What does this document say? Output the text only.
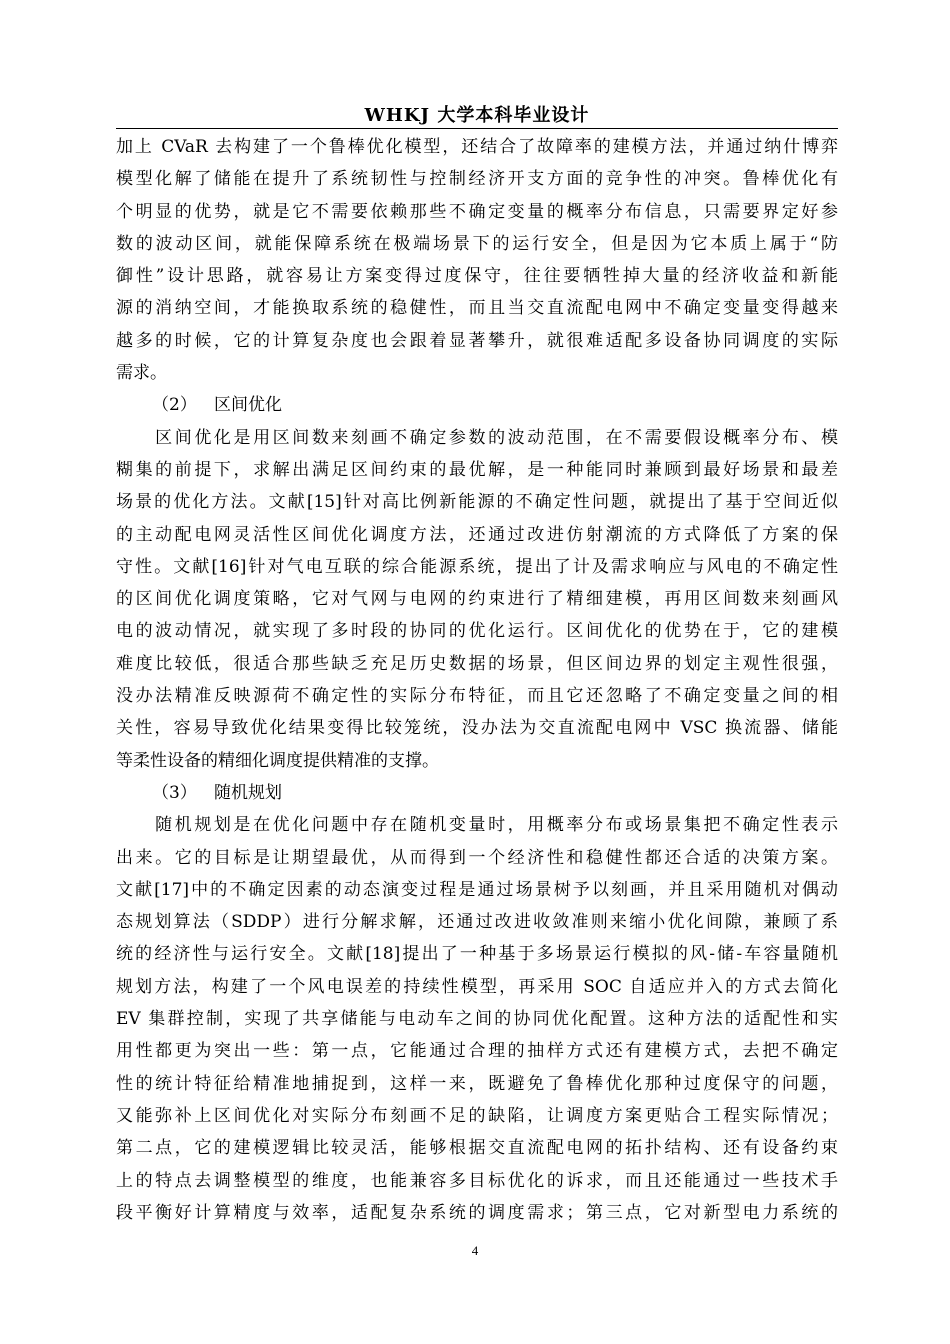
WHKJ 大学本科毕业设计
加上 CVaR 去构建了一个鲁棒优化模型，还结合了故障率的建模方法，并通过纳什博弈
模型化解了储能在提升了系统韧性与控制经济开支方面的竞争性的冲突。鲁棒优化有
个明显的优势，就是它不需要依赖那些不确定变量的概率分布信息，只需要界定好参
数的波动区间，就能保障系统在极端场景下的运行安全，但是因为它本质上属于“防
御性”设计思路，就容易让方案变得过度保守，往往要牺牲掉大量的经济收益和新能
源的消纳空间，才能换取系统的稳健性，而且当交直流配电网中不确定变量变得越来
越多的时候，它的计算复杂度也会跟着显著攀升，就很难适配多设备协同调度的实际
需求。
（2） 区间优化
　　区间优化是用区间数来刻画不确定参数的波动范围，在不需要假设概率分布、模
糊集的前提下，求解出满足区间约束的最优解，是一种能同时兼顾到最好场景和最差
场景的优化方法。文献[15]针对高比例新能源的不确定性问题，就提出了基于空间近似
的主动配电网灵活性区间优化调度方法，还通过改进仿射潮流的方式降低了方案的保
守性。文献[16]针对气电互联的综合能源系统，提出了计及需求响应与风电的不确定性
的区间优化调度策略，它对气网与电网的约束进行了精细建模，再用区间数来刻画风
电的波动情况，就实现了多时段的协同的优化运行。区间优化的优势在于，它的建模
难度比较低，很适合那些缺乏充足历史数据的场景，但区间边界的划定主观性很强，
没办法精准反映源荷不确定性的实际分布特征，而且它还忽略了不确定变量之间的相
关性，容易导致优化结果变得比较笼统，没办法为交直流配电网中 VSC 换流器、储能
等柔性设备的精细化调度提供精准的支撑。
（3） 随机规划
　　随机规划是在优化问题中存在随机变量时，用概率分布或场景集把不确定性表示
出来。它的目标是让期望最优，从而得到一个经济性和稳健性都还合适的决策方案。
文献[17]中的不确定因素的动态演变过程是通过场景树予以刻画，并且采用随机对偶动
态规划算法（SDDP）进行分解求解，还通过改进收敛准则来缩小优化间隙，兼顾了系
统的经济性与运行安全。文献[18]提出了一种基于多场景运行模拟的风-储-车容量随机
规划方法，构建了一个风电误差的持续性模型，再采用 SOC 自适应并入的方式去简化
EV 集群控制，实现了共享储能与电动车之间的协同优化配置。这种方法的适配性和实
用性都更为突出一些：第一点，它能通过合理的抽样方式还有建模方式，去把不确定
性的统计特征给精准地捕捉到，这样一来，既避免了鲁棒优化那种过度保守的问题，
又能弥补上区间优化对实际分布刻画不足的缺陷，让调度方案更贴合工程实际情况；
第二点，它的建模逻辑比较灵活，能够根据交直流配电网的拓扑结构、还有设备约束
上的特点去调整模型的维度，也能兼容多目标优化的诉求，而且还能通过一些技术手
段平衡好计算精度与效率，适配复杂系统的调度需求；第三点，它对新型电力系统的
4
